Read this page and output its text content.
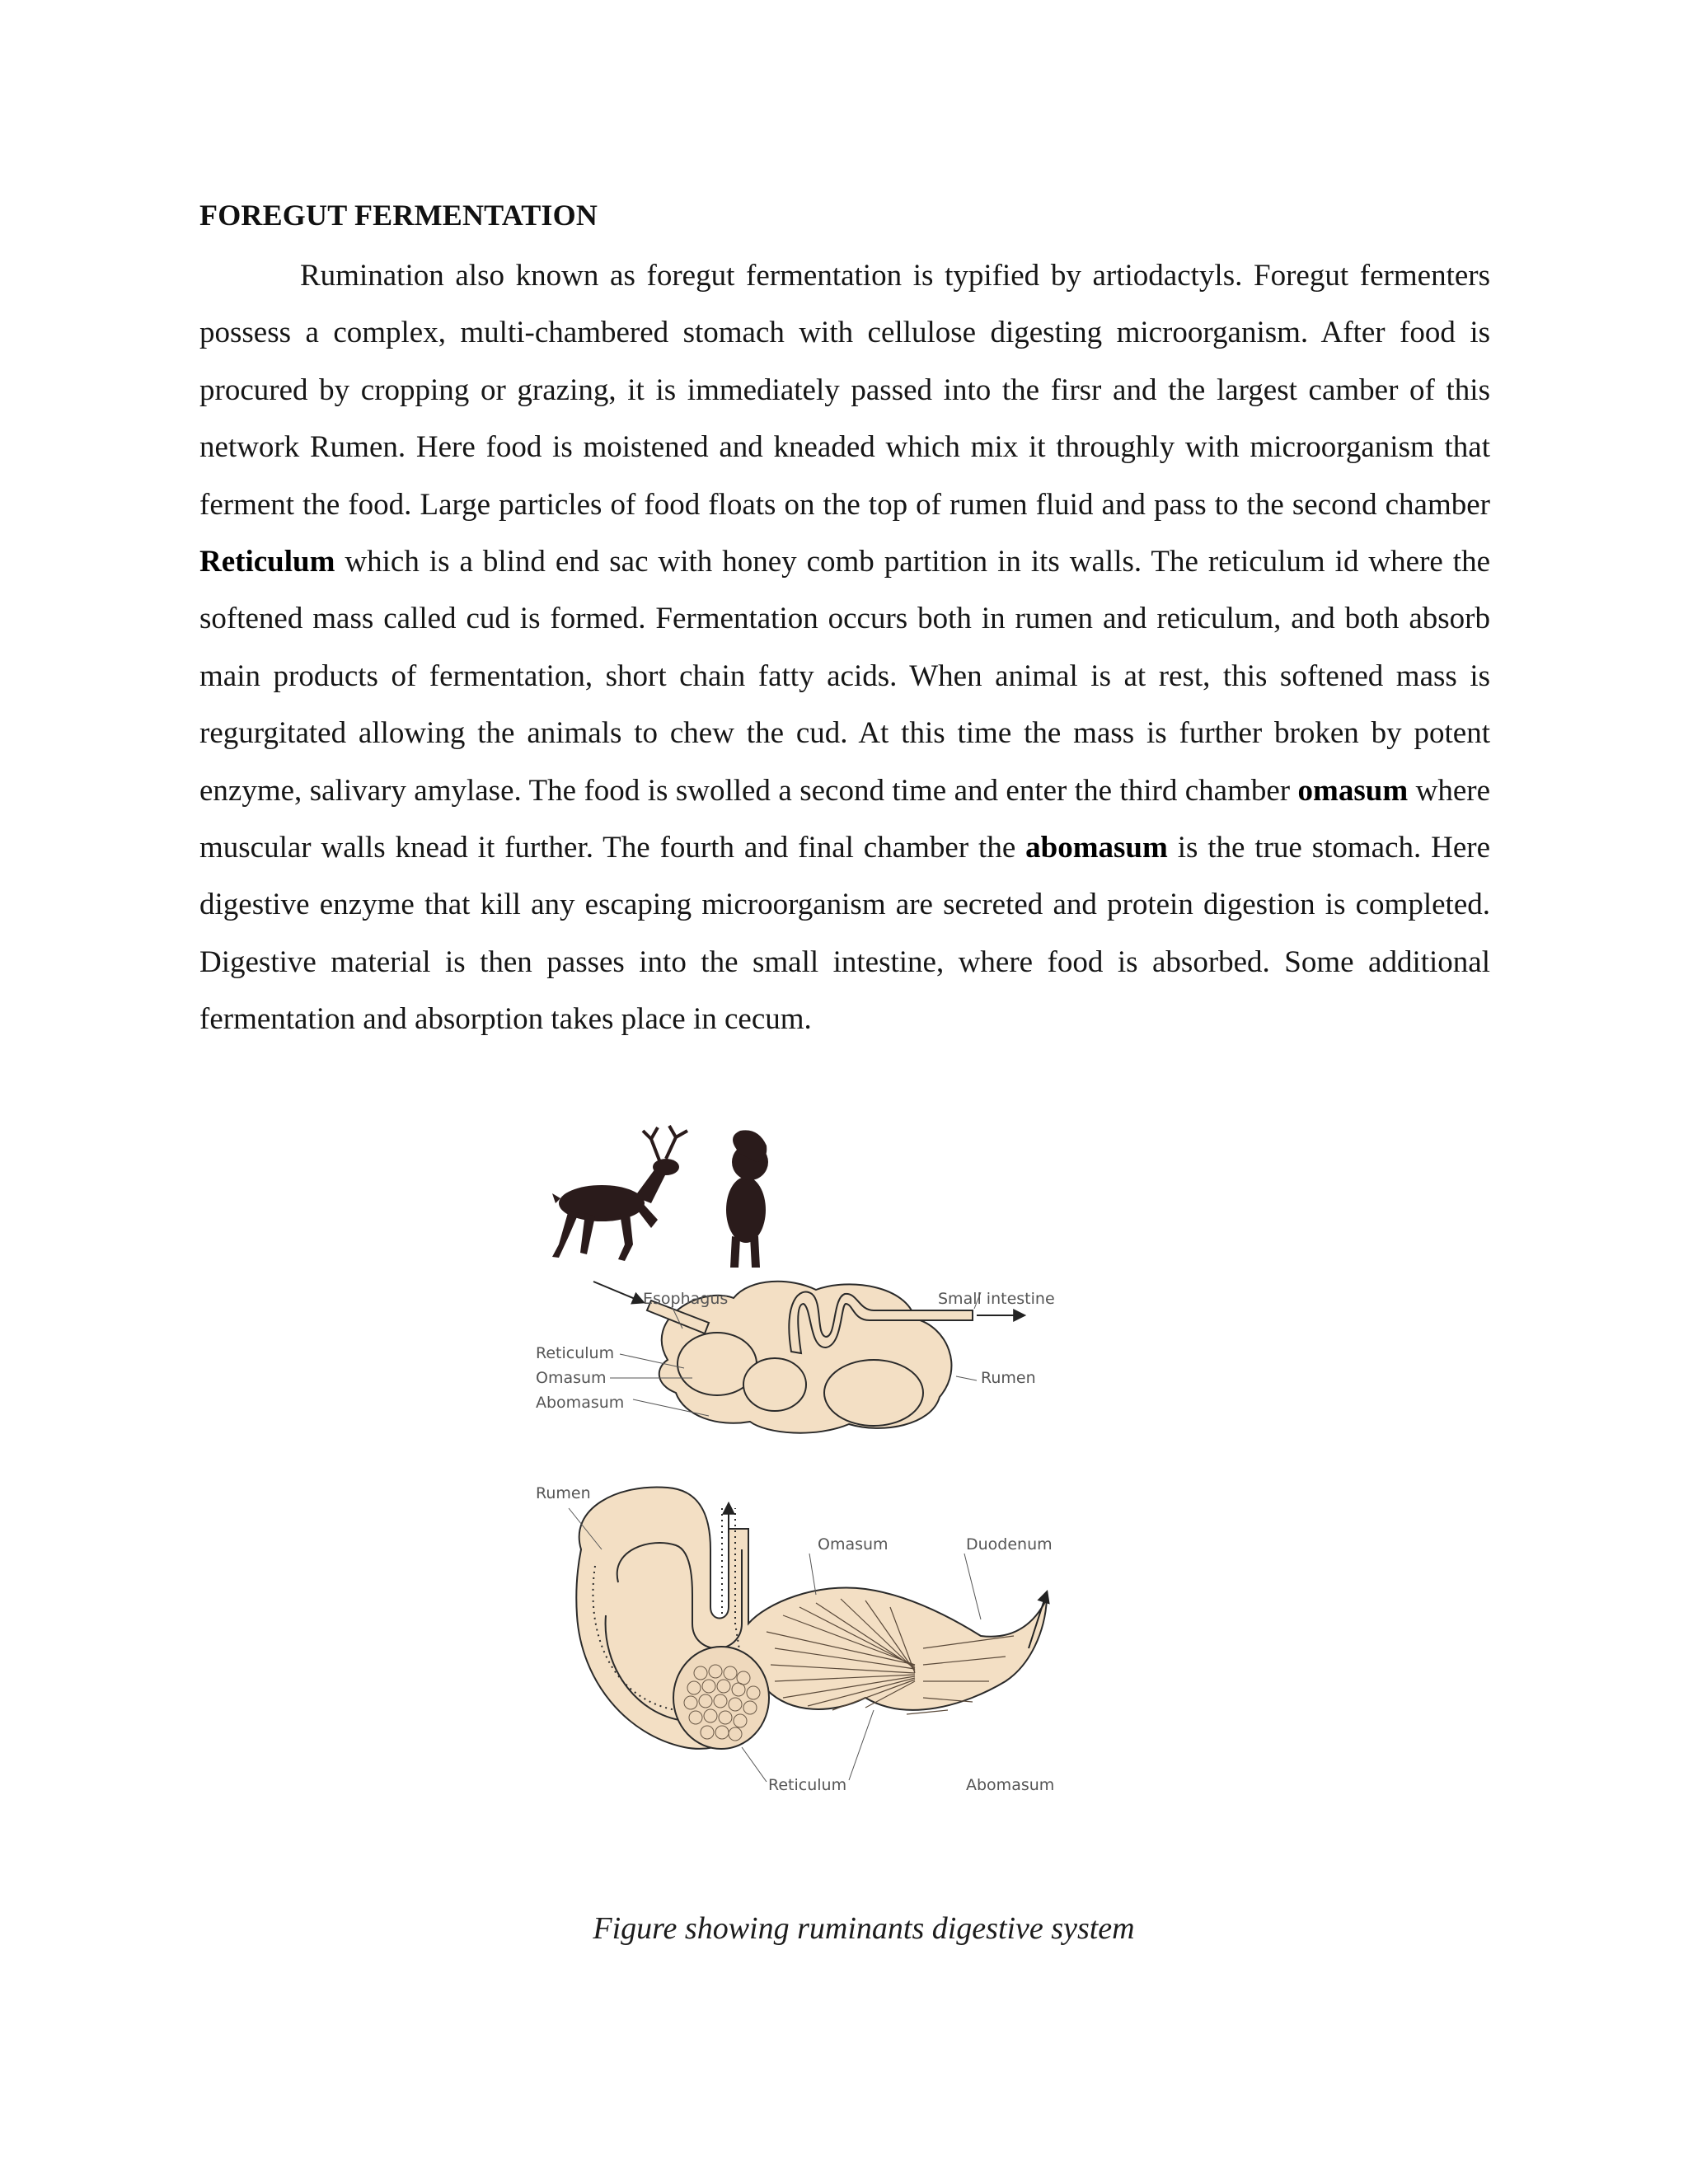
FOREGUT FERMENTATION

Rumination also known as foregut fermentation is typified by artiodactyls. Foregut fermenters possess a complex, multi-chambered stomach with cellulose digesting microorganism. After food is procured by cropping or grazing, it is immediately passed into the firsr and the largest camber of this network Rumen. Here food is moistened and kneaded which mix it throughly with microorganism that ferment the food. Large particles of food floats on the top of rumen fluid and pass to the second chamber Reticulum which is a blind end sac with honey comb partition in its walls. The reticulum id where the softened mass called cud is formed. Fermentation occurs both in rumen and reticulum, and both absorb main products of fermentation, short chain fatty acids. When animal is at rest, this softened mass is regurgitated allowing the animals to chew the cud. At this time the mass is further broken by potent enzyme, salivary amylase. The food is swolled a second time and enter the third chamber omasum where muscular walls knead it further. The fourth and final chamber the abomasum is the true stomach. Here digestive enzyme that kill any escaping microorganism are secreted and protein digestion is completed. Digestive material is then passes into the small intestine, where food is absorbed. Some additional fermentation and absorption takes place in cecum.

Esophagus	Small intestine
Reticulum
Omasum
Abomasum
Rumen
Rumen
Omasum	Duodenum
Reticulum	Abomasum

Figure showing ruminants digestive system
